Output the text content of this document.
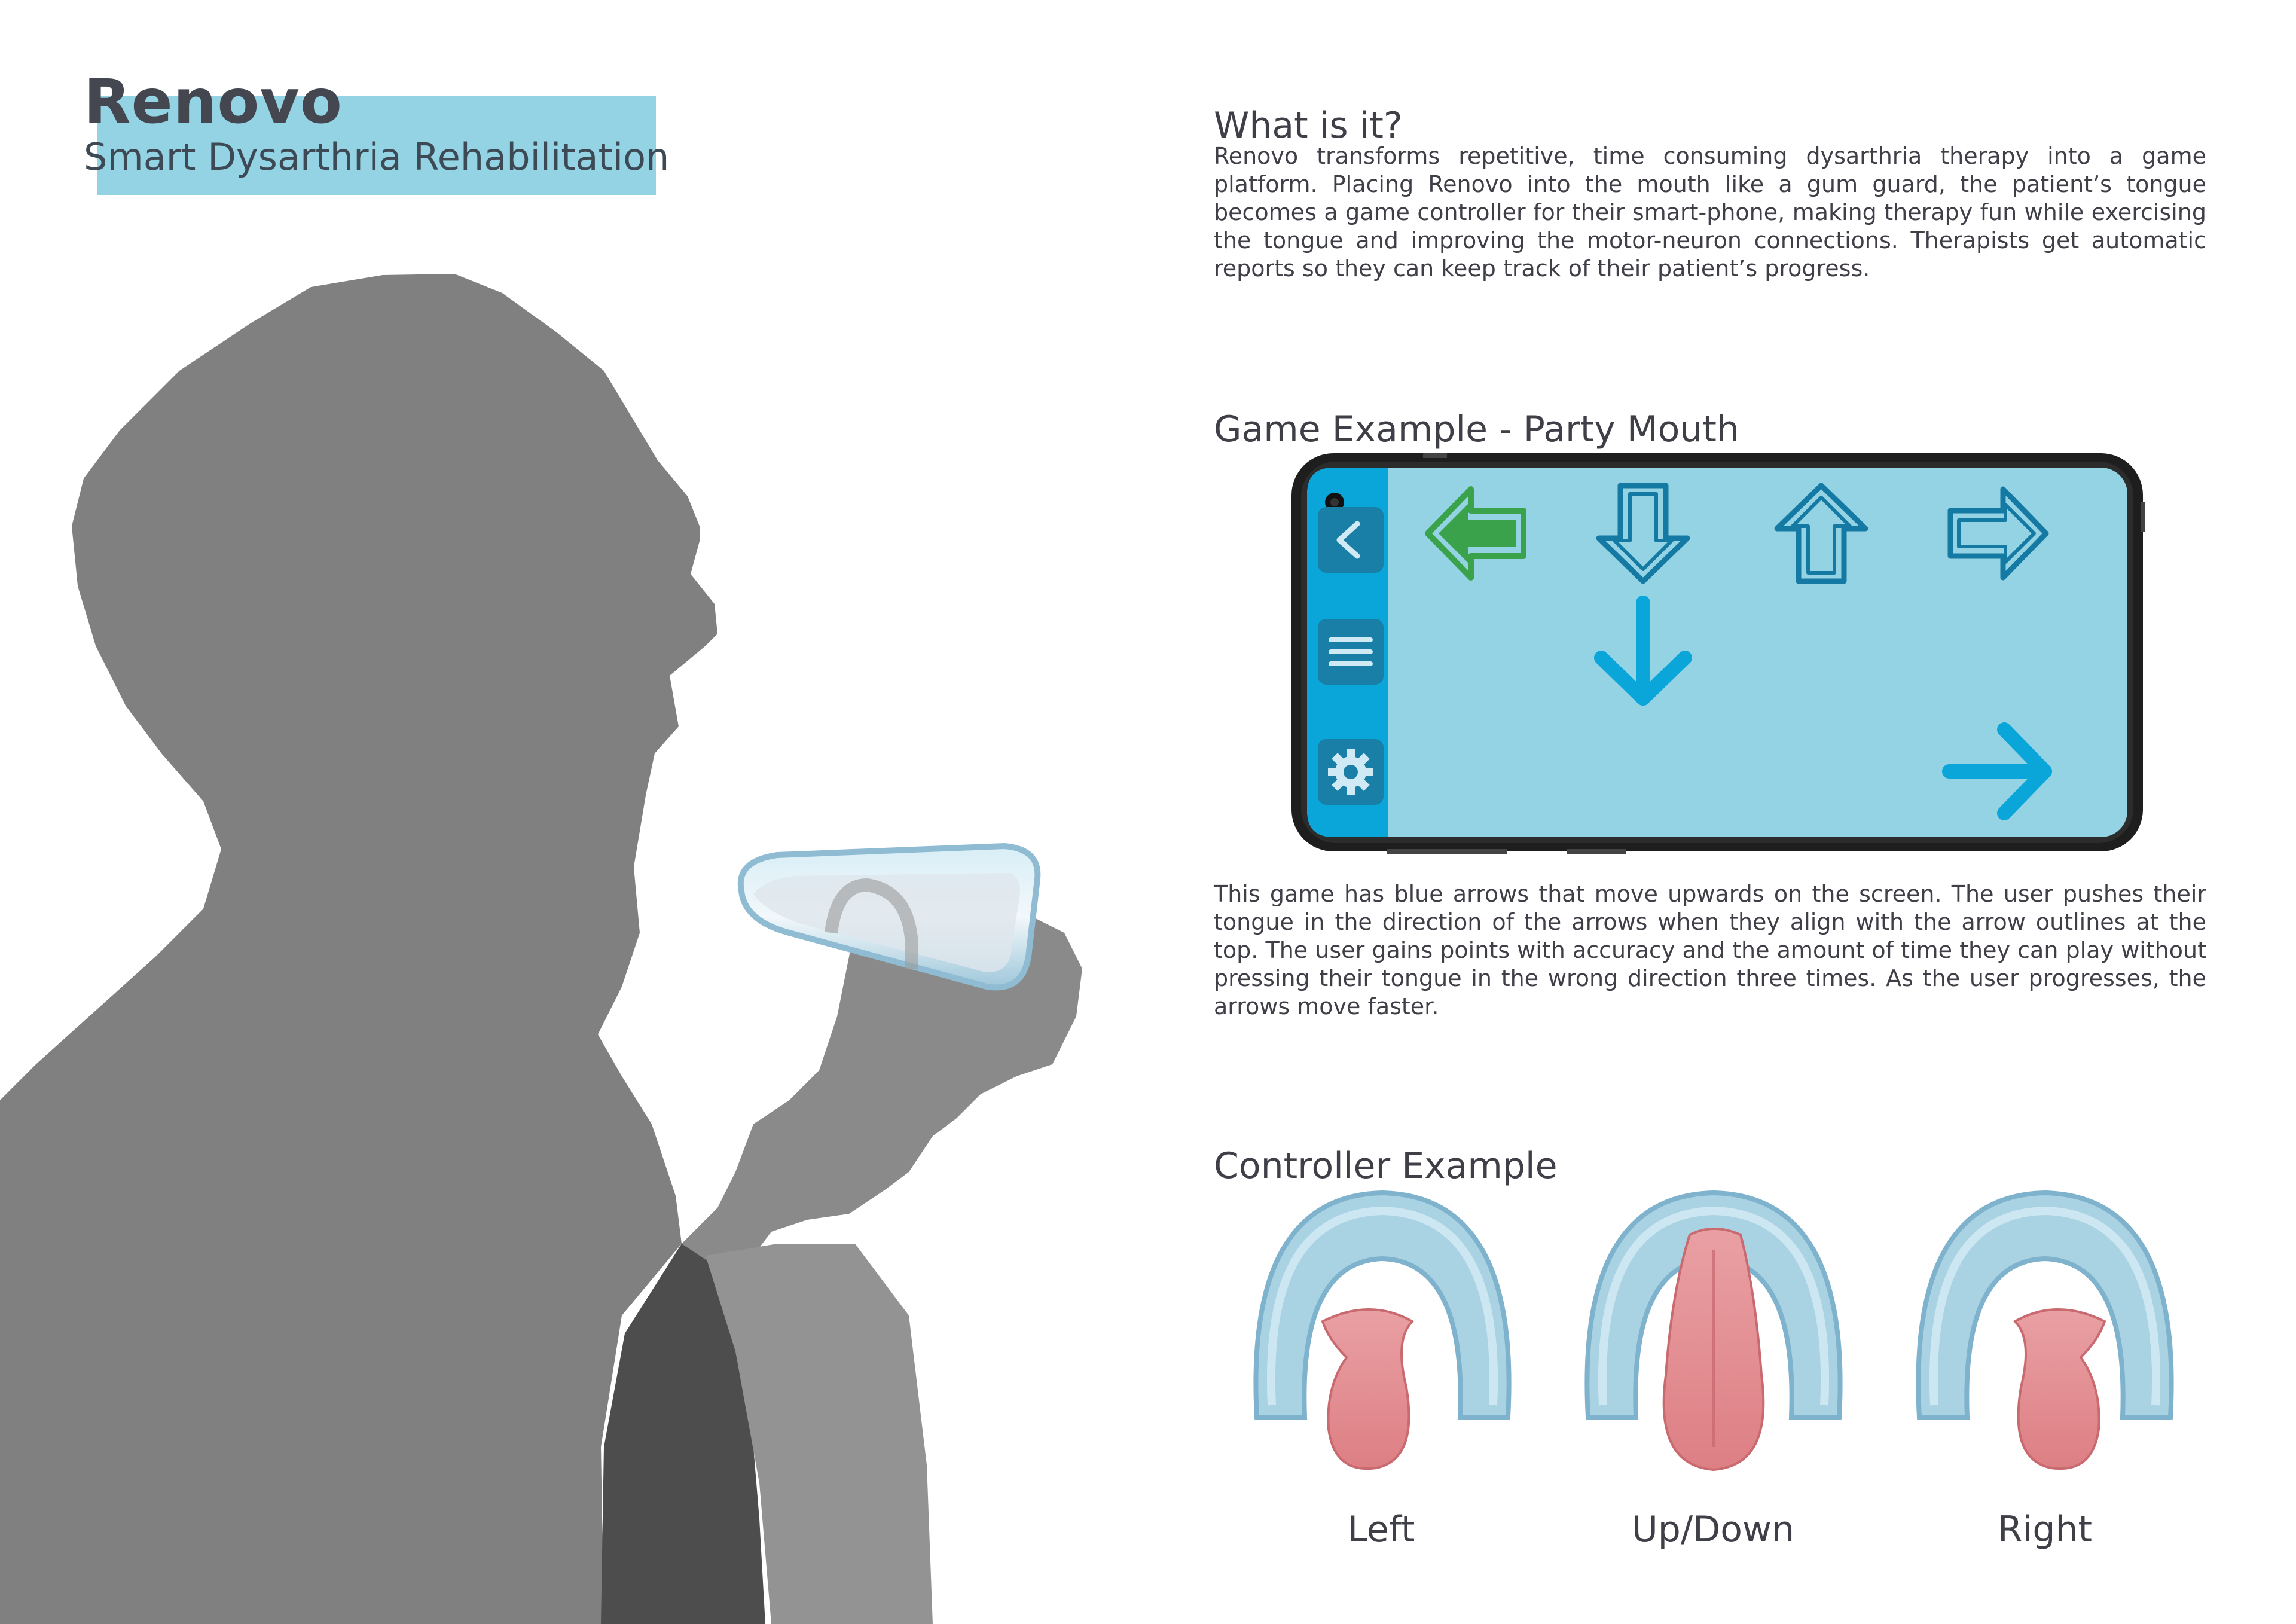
Renovo
Smart Dysarthria Rehabilitation
What is it?
Renovo transforms repetitive, time consuming dysarthria therapy into a game platform. Placing Renovo into the mouth like a gum guard, the patient’s tongue becomes a game controller for their smart-phone, making therapy fun while exercising the tongue and improving the motor-neuron connections. Therapists get automatic reports so they can keep track of their patient’s progress.
Game Example - Party Mouth
This game has blue arrows that move upwards on the screen. The user pushes their tongue in the direction of the arrows when they align with the arrow outlines at the top. The user gains points with accuracy and the amount of time they can play without pressing their tongue in the wrong direction three times. As the user progresses, the arrows move faster.
Controller Example
Left	Up/Down	Right
